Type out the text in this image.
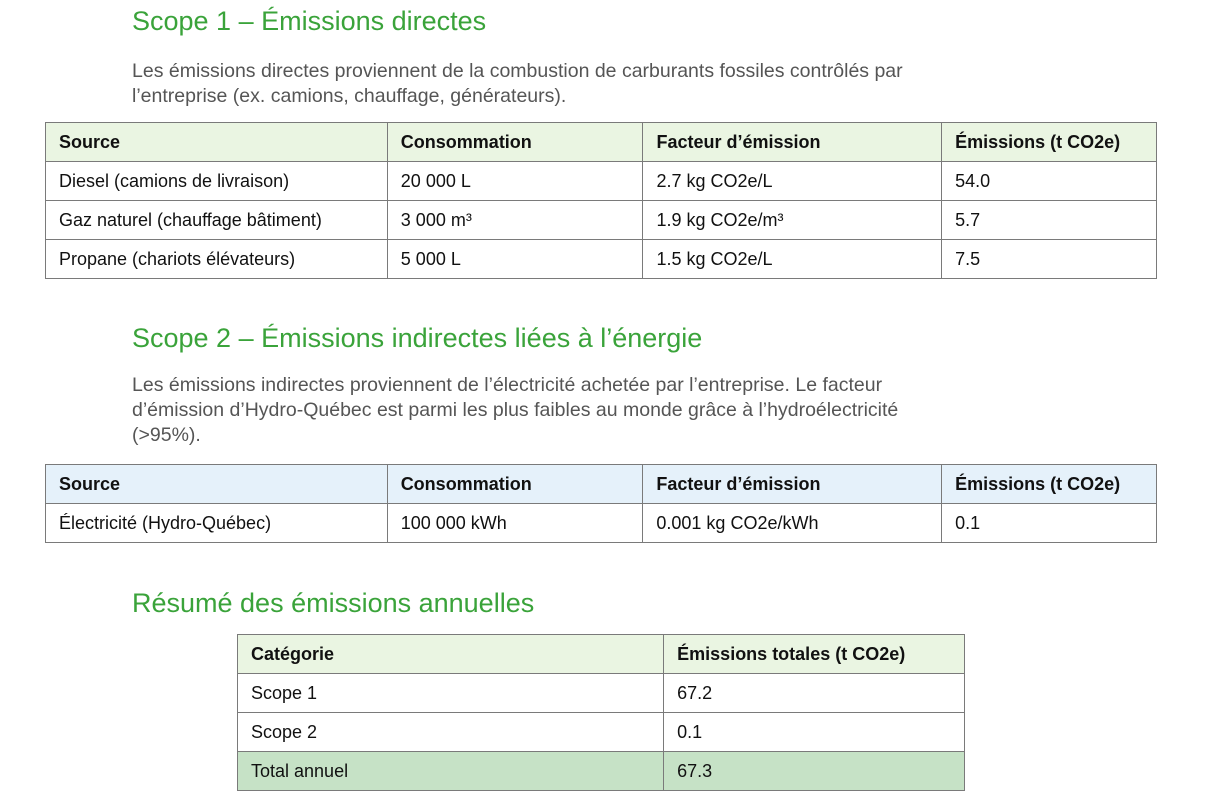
Scope 1 – Émissions directes
Les émissions directes proviennent de la combustion de carburants fossiles contrôlés par
l’entreprise (ex. camions, chauffage, générateurs).
Source	Consommation	Facteur d’émission	Émissions (t CO2e)
Diesel (camions de livraison)	20 000 L	2.7 kg CO2e/L	54.0
Gaz naturel (chauffage bâtiment)	3 000 m³	1.9 kg CO2e/m³	5.7
Propane (chariots élévateurs)	5 000 L	1.5 kg CO2e/L	7.5
Scope 2 – Émissions indirectes liées à l’énergie
Les émissions indirectes proviennent de l’électricité achetée par l’entreprise. Le facteur
d’émission d’Hydro-Québec est parmi les plus faibles au monde grâce à l’hydroélectricité
(>95%).
Source	Consommation	Facteur d’émission	Émissions (t CO2e)
Électricité (Hydro-Québec)	100 000 kWh	0.001 kg CO2e/kWh	0.1
Résumé des émissions annuelles
Catégorie	Émissions totales (t CO2e)
Scope 1	67.2
Scope 2	0.1
Total annuel	67.3
